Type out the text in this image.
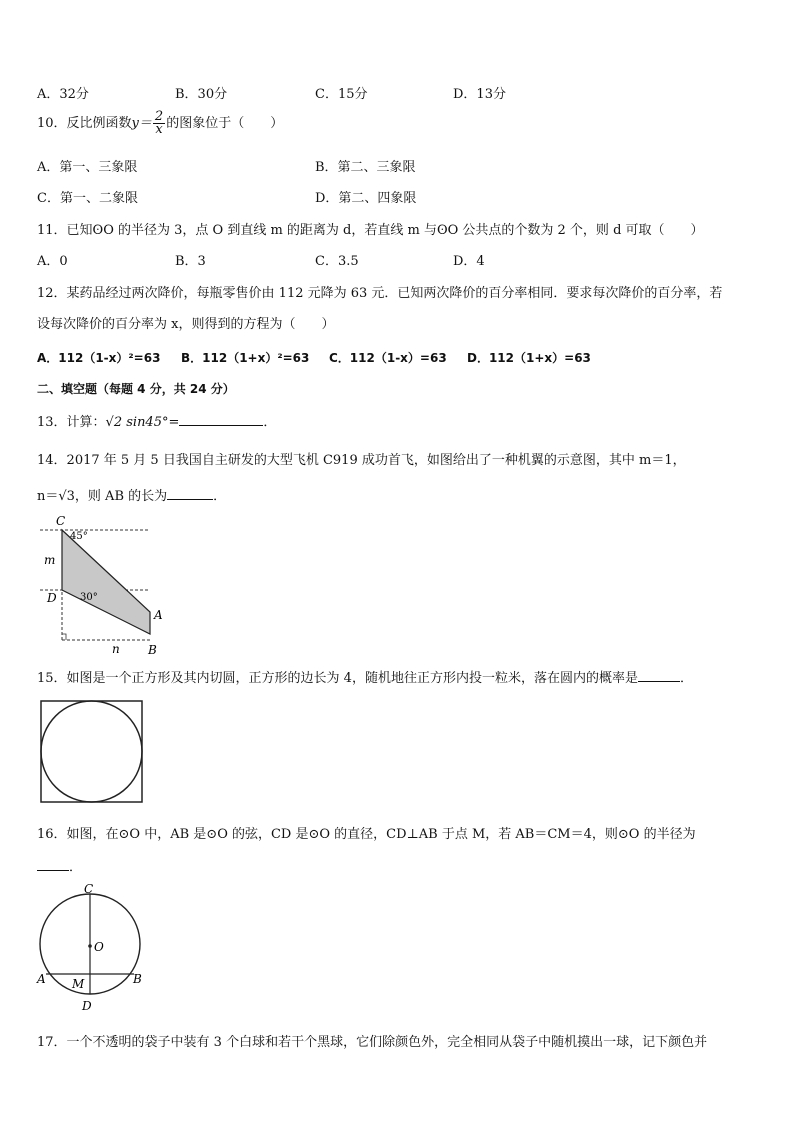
A．32分	B．30分	C．15分	D．13分
10．反比例函数$y= \frac{2}{x}$ 的图象位于（　　）
A．第一、三象限	B．第二、三象限
C．第一、二象限	D．第二、四象限
11．已知ʘO 的半径为 3，点 O 到直线 m 的距离为 d，若直线 m 与ʘO 公共点的个数为 2 个，则 d 可取（　　）
A．0	B．3	C．3.5	D．4
12．某药品经过两次降价，每瓶零售价由 112 元降为 63 元．已知两次降价的百分率相同．要求每次降价的百分率，若
设每次降价的百分率为 x，则得到的方程为（　　）
A．112（1-x）²=63 B．112（1+x）²=63 C．112（1-x）=63 D．112（1+x）=63
二、填空题（每题 4 分，共 24 分）
13．计算：√2 sin45°=	．
14．2017 年 5 月 5 日我国自主研发的大型飞机 C919 成功首飞，如图给出了一种机翼的示意图，其中 m＝1，
n＝√3，则 AB 的长为	．
C
45°
m
D 30°
A
B
n
15．如图是一个正方形及其内切圆，正方形的边长为 4，随机地往正方形内投一粒米，落在圆内的概率是	．
16．如图，在⊙O 中，AB 是⊙O 的弦，CD 是⊙O 的直径，CD⊥AB 于点 M，若 AB＝CM＝4，则⊙O 的半径为
．
C
O
A M	B
D
17．一个不透明的袋子中装有 3 个白球和若干个黑球，它们除颜色外，完全相同从袋子中随机摸出一球，记下颜色并
